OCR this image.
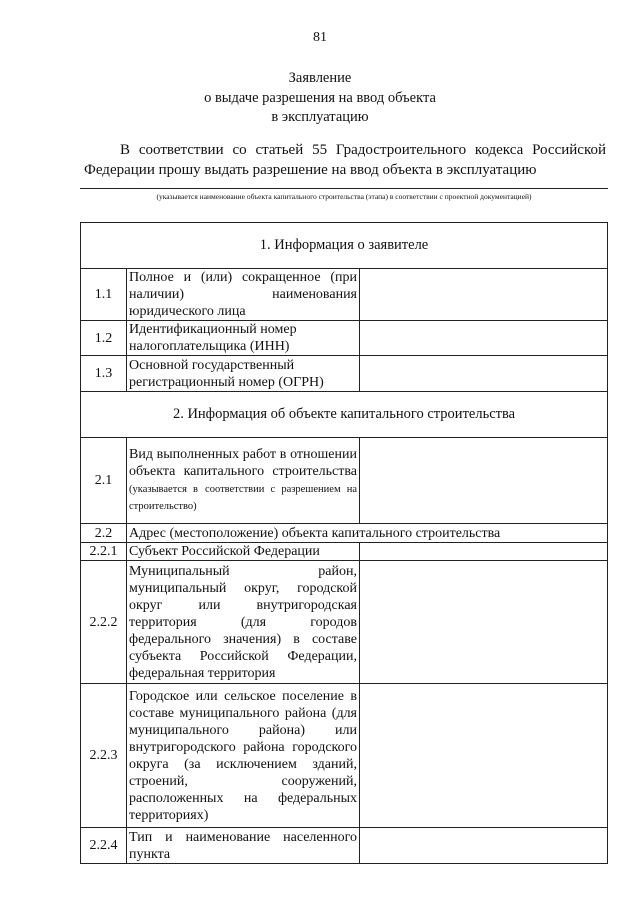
81
Заявление
о выдаче разрешения на ввод объекта
в эксплуатацию
В соответствии со статьей 55 Градостроительного кодекса Российской
Федерации прошу выдать разрешение на ввод объекта в эксплуатацию
(указывается наименование объекта капитального строительства (этапа) в соответствии с проектной документацией)
1. Информация о заявителе		
1.1	Полное и (или) сокращенное (при наличии) наименования
юридического лица	

1.2	Идентификационный номер
налогоплательщика (ИНН)	

1.3	Основной государственный
регистрационный номер (ОГРН)	

2. Информация об объекте капитального строительства		
2.1	Вид выполненных работ в отношении объекта капитального строительства (указывается в соответствии с разрешением на
строительство)	

2.2	Адрес (местоположение) объекта капитального строительства	
2.2.1	Субъект Российской Федерации	
2.2.2	Муниципальный район, муниципальный округ, городской округ или внутригородская территория (для городов федерального значения) в составе субъекта Российской Федерации,
федеральная территория	

2.2.3	Городское или сельское поселение в составе муниципального района (для муниципального района) или внутригородского района городского округа (за исключением зданий, строений, сооружений, расположенных на федеральных
территориях)	

2.2.4	Тип и наименование населенного
пункта	
